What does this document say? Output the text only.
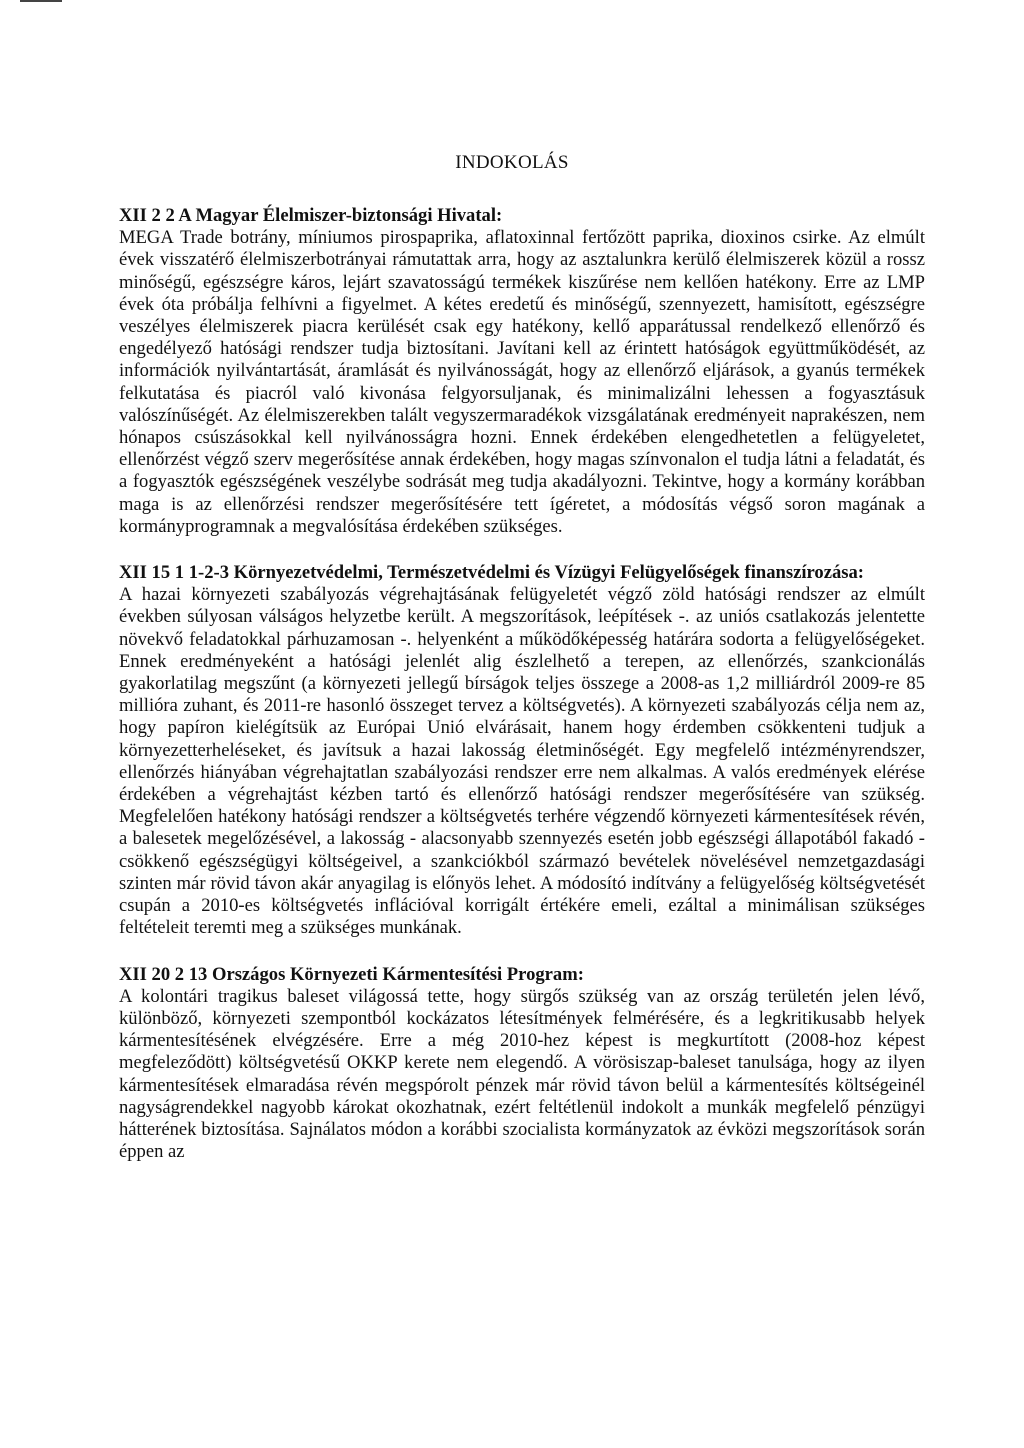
INDOKOLÁS

XII 2 2 A Magyar Élelmiszer-biztonsági Hivatal:

MEGA Trade botrány, míniumos pirospaprika, aflatoxinnal fertőzött paprika, dioxinos csirke. Az elmúlt évek visszatérő élelmiszerbotrányai rámutattak arra, hogy az asztalunkra kerülő élelmiszerek közül a rossz minőségű, egészségre káros, lejárt szavatosságú termékek kiszűrése nem kellően hatékony. Erre az LMP évek óta próbálja felhívni a figyelmet. A kétes eredetű és minőségű, szennyezett, hamisított, egészségre veszélyes élelmiszerek piacra kerülését csak egy hatékony, kellő apparátussal rendelkező ellenőrző és engedélyező hatósági rendszer tudja biztosítani. Javítani kell az érintett hatóságok együttműködését, az információk nyilvántartását, áramlását és nyilvánosságát, hogy az ellenőrző eljárások, a gyanús termékek felkutatása és piacról való kivonása felgyorsuljanak, és minimalizálni lehessen a fogyasztásuk valószínűségét. Az élelmiszerekben talált vegyszermaradékok vizsgálatának eredményeit naprakészen, nem hónapos csúszásokkal kell nyilvánosságra hozni. Ennek érdekében elengedhetetlen a felügyeletet, ellenőrzést végző szerv megerősítése annak érdekében, hogy magas színvonalon el tudja látni a feladatát, és a fogyasztók egészségének veszélybe sodrását meg tudja akadályozni. Tekintve, hogy a kormány korábban maga is az ellenőrzési rendszer megerősítésére tett ígéretet, a módosítás végső soron magának a kormányprogramnak a megvalósítása érdekében szükséges.

XII 15 1 1-2-3 Környezetvédelmi, Természetvédelmi és Vízügyi Felügyelőségek finanszírozása:

A hazai környezeti szabályozás végrehajtásának felügyeletét végző zöld hatósági rendszer az elmúlt években súlyosan válságos helyzetbe került. A megszorítások, leépítések -. az uniós csatlakozás jelentette növekvő feladatokkal párhuzamosan -. helyenként a működőképesség határára sodorta a felügyelőségeket. Ennek eredményeként a hatósági jelenlét alig észlelhető a terepen, az ellenőrzés, szankcionálás gyakorlatilag megszűnt (a környezeti jellegű bírságok teljes összege a 2008-as 1,2 milliárdról 2009-re 85 millióra zuhant, és 2011-re hasonló összeget tervez a költségvetés). A környezeti szabályozás célja nem az, hogy papíron kielégítsük az Európai Unió elvárásait, hanem hogy érdemben csökkenteni tudjuk a környezetterheléseket, és javítsuk a hazai lakosság életminőségét. Egy megfelelő intézményrendszer, ellenőrzés hiányában végrehajtatlan szabályozási rendszer erre nem alkalmas. A valós eredmények elérése érdekében a végrehajtást kézben tartó és ellenőrző hatósági rendszer megerősítésére van szükség. Megfelelően hatékony hatósági rendszer a költségvetés terhére végzendő környezeti kármentesítések révén, a balesetek megelőzésével, a lakosság - alacsonyabb szennyezés esetén jobb egészségi állapotából fakadó - csökkenő egészségügyi költségeivel, a szankciókból származó bevételek növelésével nemzetgazdasági szinten már rövid távon akár anyagilag is előnyös lehet. A módosító indítvány a felügyelőség költségvetését csupán a 2010-es költségvetés inflációval korrigált értékére emeli, ezáltal a minimálisan szükséges feltételeit teremti meg a szükséges munkának.

XII 20 2 13 Országos Környezeti Kármentesítési Program:

A kolontári tragikus baleset világossá tette, hogy sürgős szükség van az ország területén jelen lévő, különböző, környezeti szempontból kockázatos létesítmények felmérésére, és a legkritikusabb helyek kármentesítésének elvégzésére. Erre a még 2010-hez képest is megkurtított (2008-hoz képest megfeleződött) költségvetésű OKKP kerete nem elegendő. A vörösiszap-baleset tanulsága, hogy az ilyen kármentesítések elmaradása révén megspórolt pénzek már rövid távon belül a kármentesítés költségeinél nagyságrendekkel nagyobb károkat okozhatnak, ezért feltétlenül indokolt a munkák megfelelő pénzügyi hátterének biztosítása. Sajnálatos módon a korábbi szocialista kormányzatok az évközi megszorítások során éppen az
